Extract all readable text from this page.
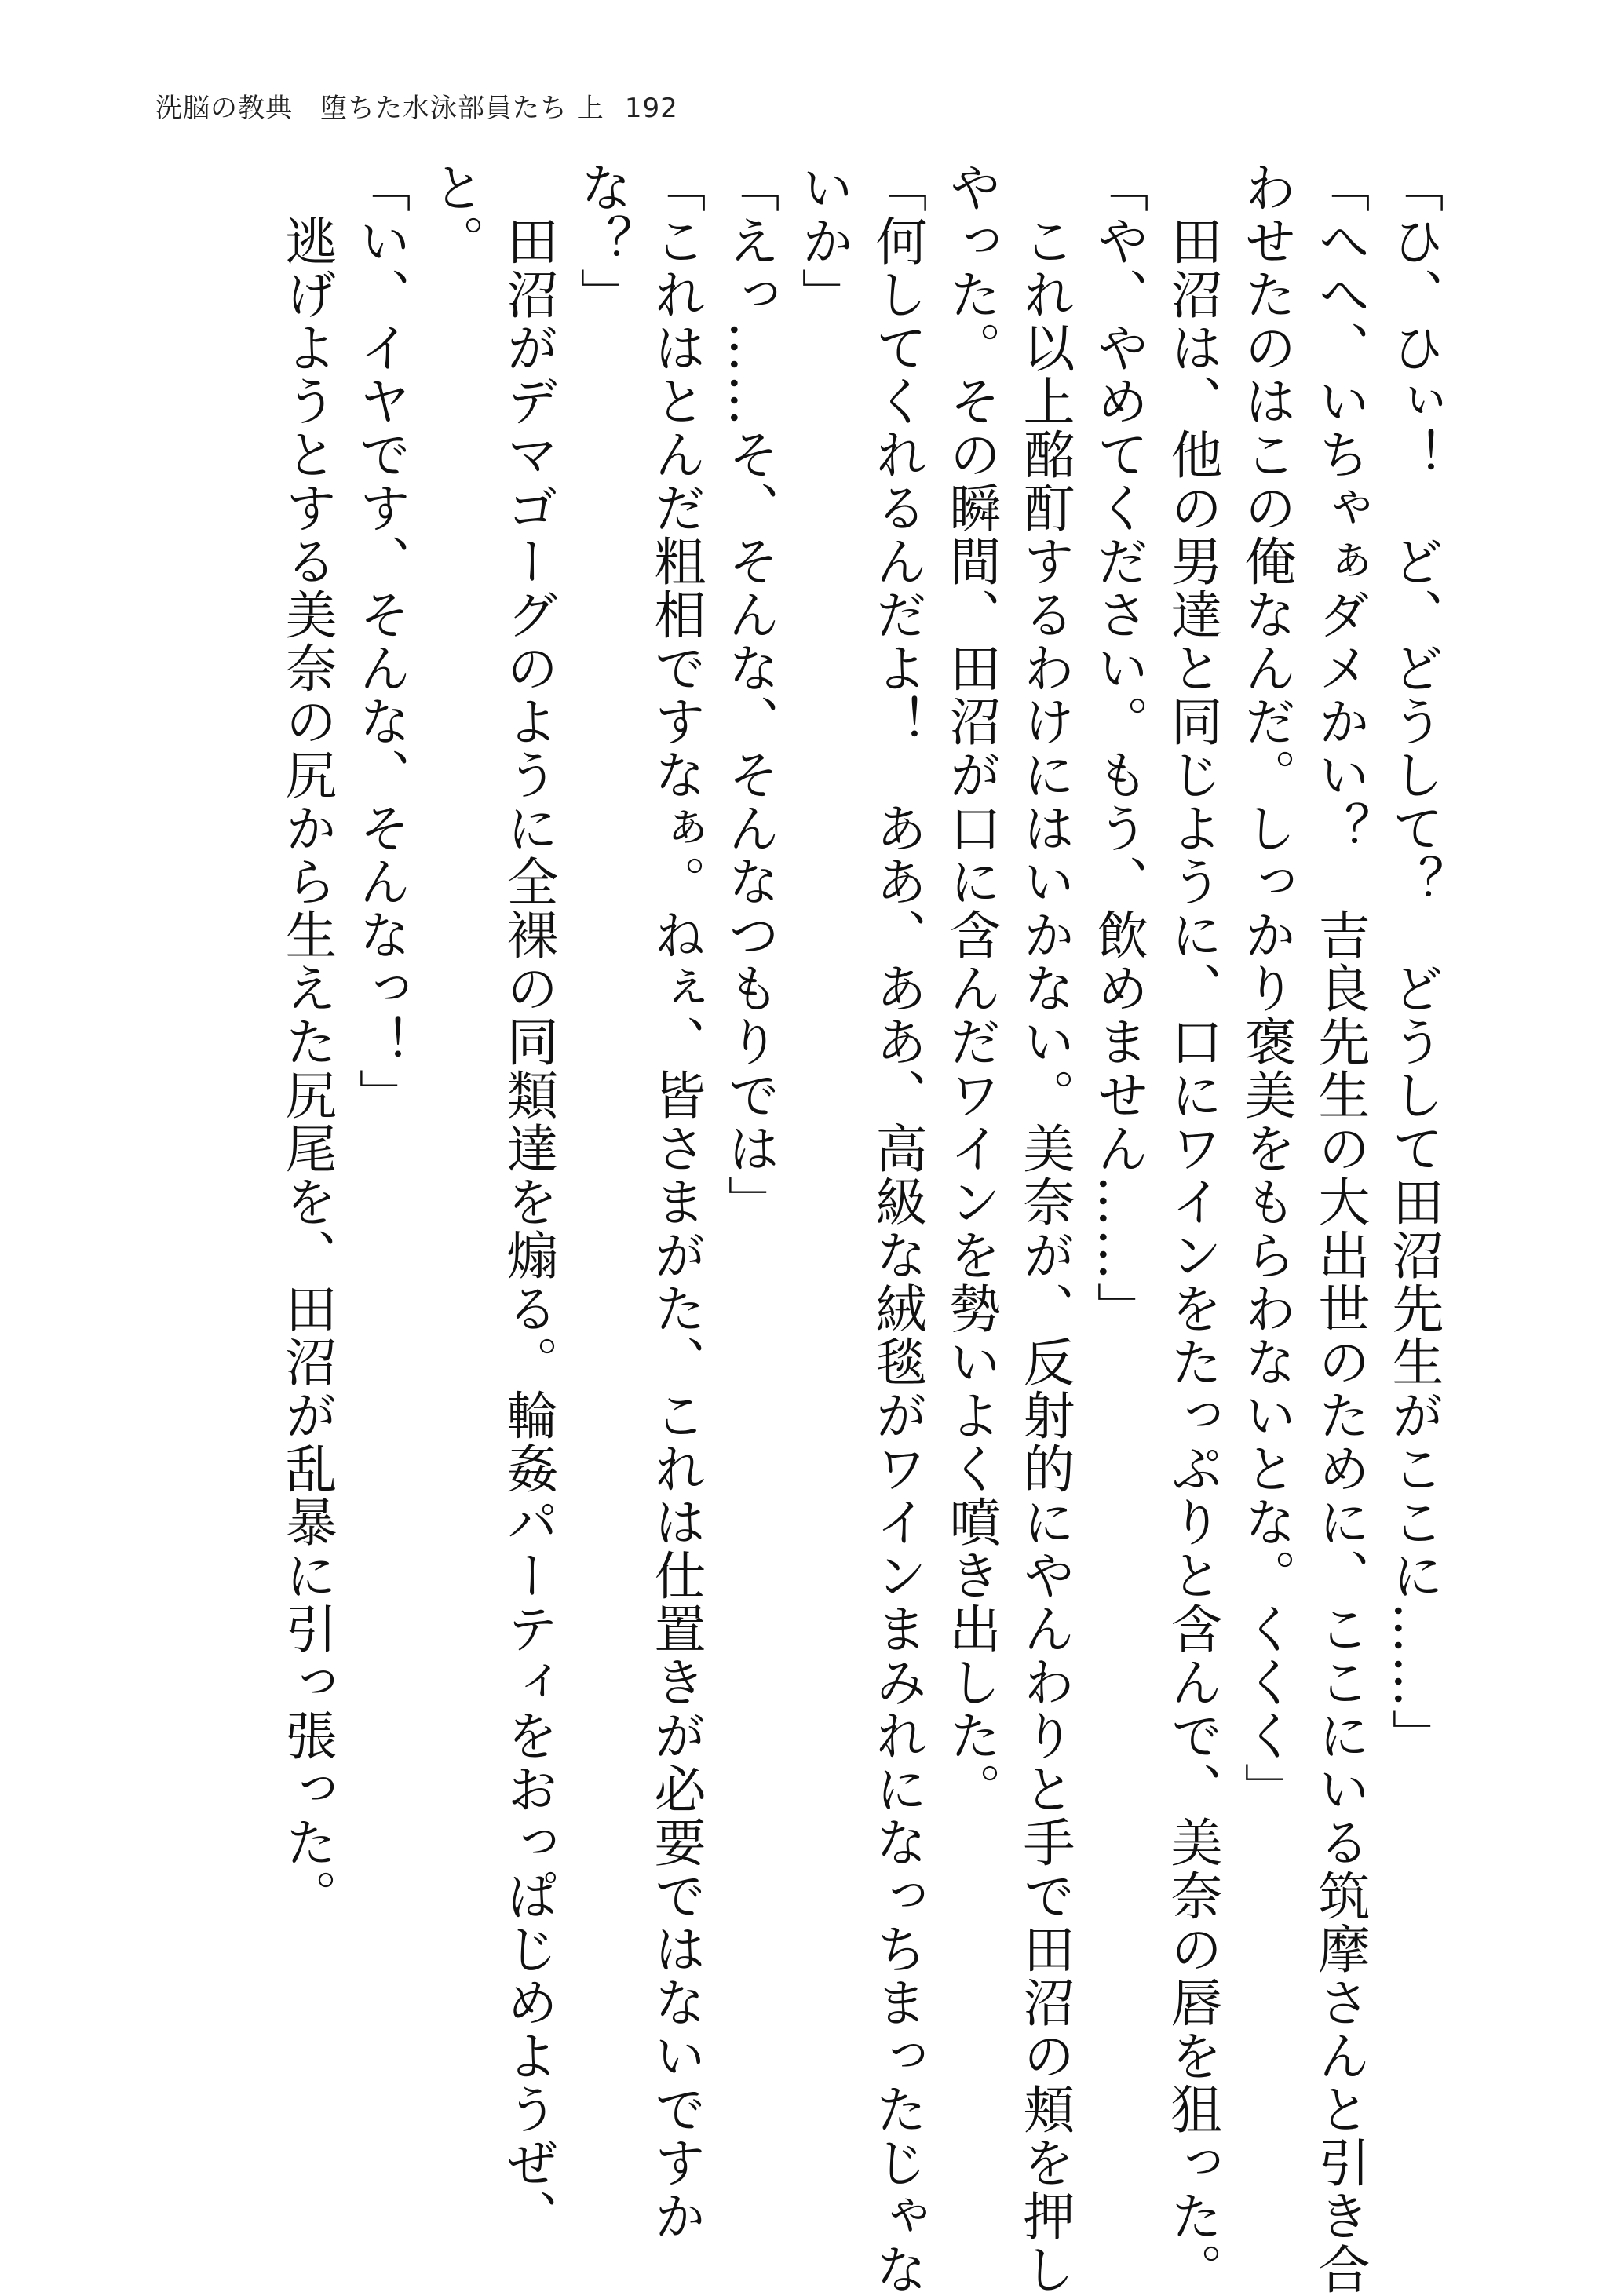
洗脳の教典　堕ちた水泳部員たち 上 192
「ひ、ひぃ！　ど、どうして？　どうして田沼先生がここに……」
「へへ、いちゃぁダメかい？　吉良先生の大出世のために、ここにいる筑摩さんと引き合
わせたのはこの俺なんだ。しっかり褒美をもらわないとな。くくく」
　田沼は、他の男達と同じように、口にワインをたっぷりと含んで、美奈の唇を狙った。
「や、やめてください。もう、飲めません……」
　これ以上酩酊するわけにはいかない。美奈が、反射的にやんわりと手で田沼の頬を押し
やった。その瞬間、田沼が口に含んだワインを勢いよく噴き出した。
「何してくれるんだよ！　ああ、ああ、高級な絨毯がワインまみれになっちまったじゃな
いか」
「えっ……そ、そんな、そんなつもりでは」
「これはとんだ粗相ですなぁ。ねぇ、皆さまがた、これは仕置きが必要ではないですか
な？」
　田沼がデマゴーグのように全裸の同類達を煽る。輪姦パーティをおっぱじめようぜ、
と。
「い、イヤです、そんな、そんなっ！」
　逃げようとする美奈の尻から生えた尻尾を、田沼が乱暴に引っ張った。
